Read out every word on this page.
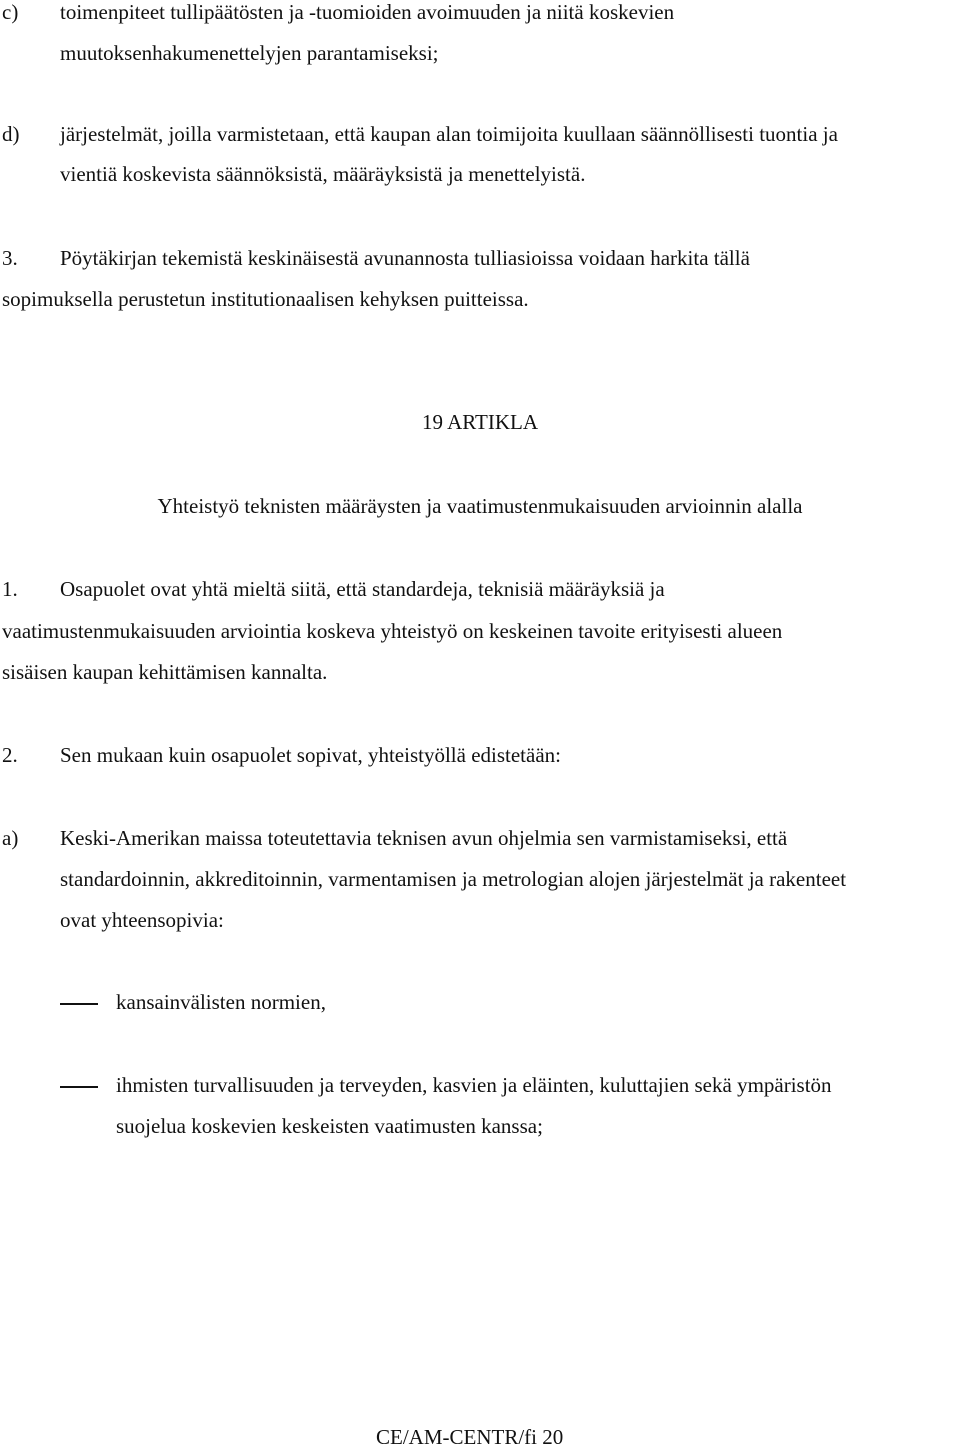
c) toimenpiteet tullipäätösten ja -tuomioiden avoimuuden ja niitä koskevien
muutoksenhakumenettelyjen parantamiseksi;
d) järjestelmät, joilla varmistetaan, että kaupan alan toimijoita kuullaan säännöllisesti tuontia ja
vientiä koskevista säännöksistä, määräyksistä ja menettelyistä.
3. Pöytäkirjan tekemistä keskinäisestä avunannosta tulliasioissa voidaan harkita tällä
sopimuksella perustetun institutionaalisen kehyksen puitteissa.
19 ARTIKLA
Yhteistyö teknisten määräysten ja vaatimustenmukaisuuden arvioinnin alalla
1. Osapuolet ovat yhtä mieltä siitä, että standardeja, teknisiä määräyksiä ja
vaatimustenmukaisuuden arviointia koskeva yhteistyö on keskeinen tavoite erityisesti alueen
sisäisen kaupan kehittämisen kannalta.
2. Sen mukaan kuin osapuolet sopivat, yhteistyöllä edistetään:
a) Keski-Amerikan maissa toteutettavia teknisen avun ohjelmia sen varmistamiseksi, että
standardoinnin, akkreditoinnin, varmentamisen ja metrologian alojen järjestelmät ja rakenteet
ovat yhteensopivia:
kansainvälisten normien,
ihmisten turvallisuuden ja terveyden, kasvien ja eläinten, kuluttajien sekä ympäristön
suojelua koskevien keskeisten vaatimusten kanssa;
CE/AM-CENTR/fi 20
